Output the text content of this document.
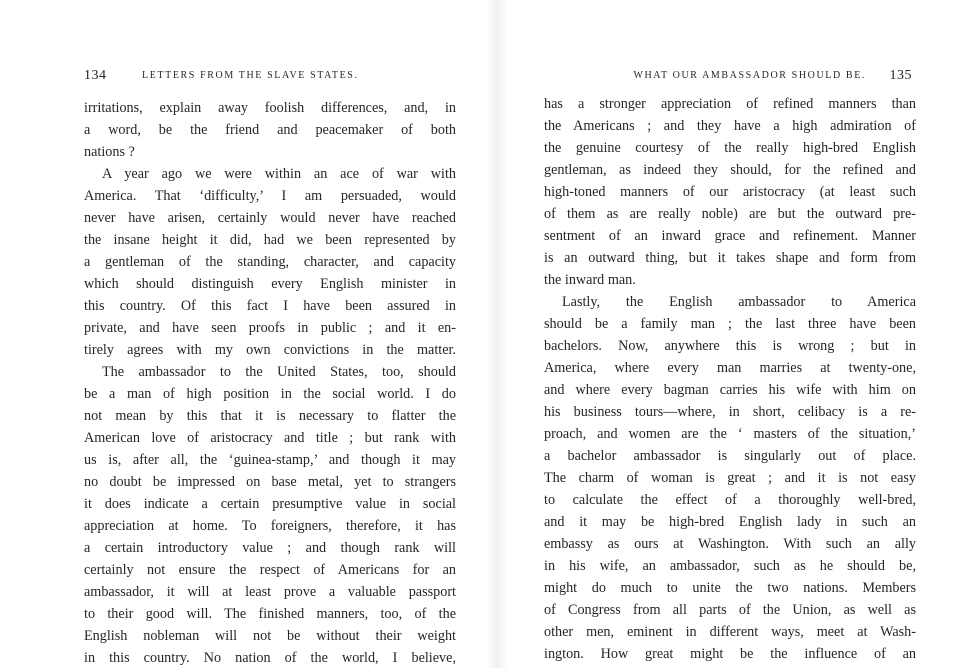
134	LETTERS FROM THE SLAVE STATES.
irritations, explain away foolish differences, and, in
a word, be the friend and peacemaker of both
nations ?
A year ago we were within an ace of war with
America. That ‘difficulty,’ I am persuaded, would
never have arisen, certainly would never have reached
the insane height it did, had we been represented by
a gentleman of the standing, character, and capacity
which should distinguish every English minister in
this country. Of this fact I have been assured in
private, and have seen proofs in public ; and it en-
tirely agrees with my own convictions in the matter.
The ambassador to the United States, too, should
be a man of high position in the social world. I do
not mean by this that it is necessary to flatter the
American love of aristocracy and title ; but rank with
us is, after all, the ‘guinea-stamp,’ and though it may
no doubt be impressed on base metal, yet to strangers
it does indicate a certain presumptive value in social
appreciation at home. To foreigners, therefore, it has
a certain introductory value ; and though rank will
certainly not ensure the respect of Americans for an
ambassador, it will at least prove a valuable passport
to their good will. The finished manners, too, of the
English nobleman will not be without their weight
in this country. No nation of the world, I believe,
WHAT OUR AMBASSADOR SHOULD BE. 135
has a stronger appreciation of refined manners than
the Americans ; and they have a high admiration of
the genuine courtesy of the really high-bred English
gentleman, as indeed they should, for the refined and
high-toned manners of our aristocracy (at least such
of them as are really noble) are but the outward pre-
sentment of an inward grace and refinement. Manner
is an outward thing, but it takes shape and form from
the inward man.
Lastly, the English ambassador to America
should be a family man ; the last three have been
bachelors. Now, anywhere this is wrong ; but in
America, where every man marries at twenty-one,
and where every bagman carries his wife with him on
his business tours—where, in short, celibacy is a re-
proach, and women are the ‘ masters of the situation,’
a bachelor ambassador is singularly out of place.
The charm of woman is great ; and it is not easy
to calculate the effect of a thoroughly well-bred,
and it may be high-bred English lady in such an
embassy as ours at Washington. With such an ally
in his wife, an ambassador, such as he should be,
might do much to unite the two nations. Members
of Congress from all parts of the Union, as well as
other men, eminent in different ways, meet at Wash-
ington. How great might be the influence of an
